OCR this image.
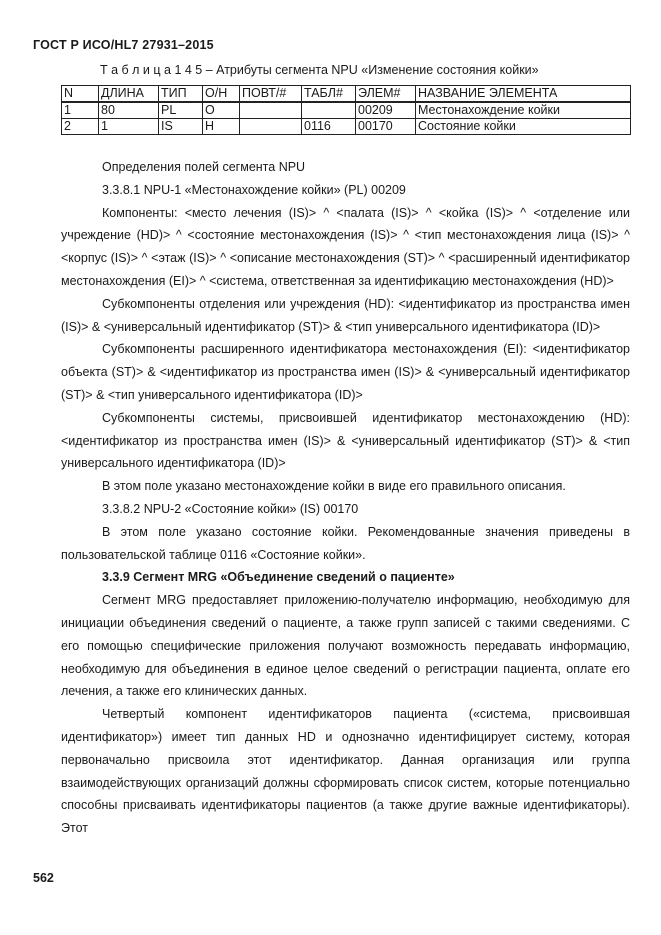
ГОСТ Р ИСО/HL7 27931–2015
Т а б л и ц а 1 4 5 – Атрибуты сегмента NPU «Изменение состояния койки»
N	ДЛИНА	ТИП	О/Н	ПОВТ/#	ТАБЛ#	ЭЛЕМ#	НАЗВАНИЕ ЭЛЕМЕНТА
1	80	PL	О			00209	Местонахождение койки
2	1	IS	Н		0116	00170	Состояние койки

Определения полей сегмента NPU

3.3.8.1 NPU-1 «Местонахождение койки» (PL) 00209

Компоненты: <место лечения (IS)> ^ <палата (IS)> ^ <койка (IS)> ^ <отделение или учреждение (HD)> ^ <состояние местонахождения (IS)> ^ <тип местонахождения лица (IS)> ^ <корпус (IS)> ^ <этаж (IS)> ^ <описание местонахождения (ST)> ^ <расширенный идентификатор местонахождения (EI)> ^ <система, ответственная за идентификацию местонахождения (HD)>

Субкомпоненты отделения или учреждения (HD): <идентификатор из пространства имен (IS)> & <универсальный идентификатор (ST)> & <тип универсального идентификатора (ID)>

Субкомпоненты расширенного идентификатора местонахождения (EI): <идентификатор объекта (ST)> & <идентификатор из пространства имен (IS)> & <универсальный идентификатор (ST)> & <тип универсального идентификатора (ID)>

Субкомпоненты системы, присвоившей идентификатор местонахождению (HD): <идентификатор из пространства имен (IS)> & <универсальный идентификатор (ST)> & <тип универсального идентификатора (ID)>

В этом поле указано местонахождение койки в виде его правильного описания.

3.3.8.2 NPU-2 «Состояние койки» (IS) 00170

В этом поле указано состояние койки. Рекомендованные значения приведены в пользовательской таблице 0116 «Состояние койки».

3.3.9 Сегмент MRG «Объединение сведений о пациенте»

Сегмент MRG предоставляет приложению-получателю информацию, необходимую для инициации объединения сведений о пациенте, а также групп записей с такими сведениями. С его помощью специфические приложения получают возможность передавать информацию, необходимую для объединения в единое целое сведений о регистрации пациента, оплате его лечения, а также его клинических данных.

Четвертый компонент идентификаторов пациента («система, присвоившая идентификатор») имеет тип данных HD и однозначно идентифицирует систему, которая первоначально присвоила этот идентификатор. Данная организация или группа взаимодействующих организаций должны сформировать список систем, которые потенциально способны присваивать идентификаторы пациентов (а также другие важные идентификаторы). Этот

562
